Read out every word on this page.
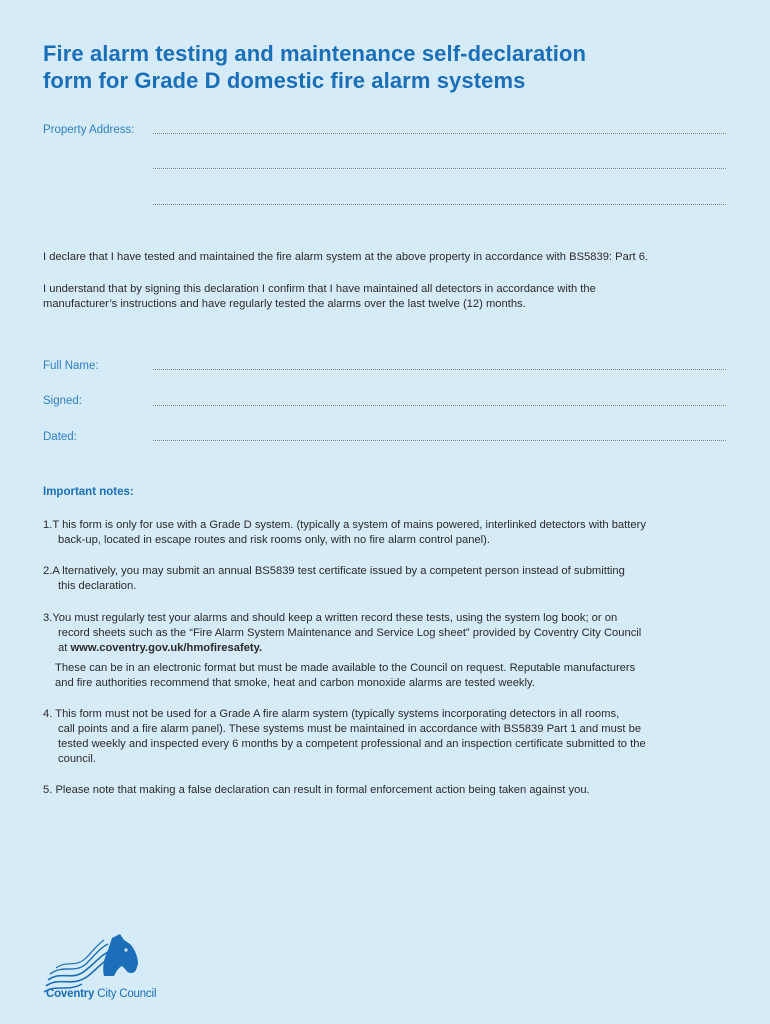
Fire alarm testing and maintenance self-declaration
form for Grade D domestic fire alarm systems
Property Address:
I declare that I have tested and maintained the fire alarm system at the above property in accordance with BS5839: Part 6.
I understand that by signing this declaration I confirm that I have maintained all detectors in accordance with the
manufacturer’s instructions and have regularly tested the alarms over the last twelve (12) months.
Full Name:
Signed:
Dated:
Important notes:
1.T his form is only for use with a Grade D system. (typically a system of mains powered, interlinked detectors with battery
back-up, located in escape routes and risk rooms only, with no fire alarm control panel).
2.A lternatively, you may submit an annual BS5839 test certificate issued by a competent person instead of submitting
this declaration.
3.You must regularly test your alarms and should keep a written record these tests, using the system log book; or on
record sheets such as the “Fire Alarm System Maintenance and Service Log sheet” provided by Coventry City Council
at www.coventry.gov.uk/hmofiresafety.
These can be in an electronic format but must be made available to the Council on request. Reputable manufacturers
and fire authorities recommend that smoke, heat and carbon monoxide alarms are tested weekly.
4. This form must not be used for a Grade A fire alarm system (typically systems incorporating detectors in all rooms,
call points and a fire alarm panel). These systems must be maintained in accordance with BS5839 Part 1 and must be
tested weekly and inspected every 6 months by a competent professional and an inspection certificate submitted to the
council.
5. Please note that making a false declaration can result in formal enforcement action being taken against you.
Coventry City Council
